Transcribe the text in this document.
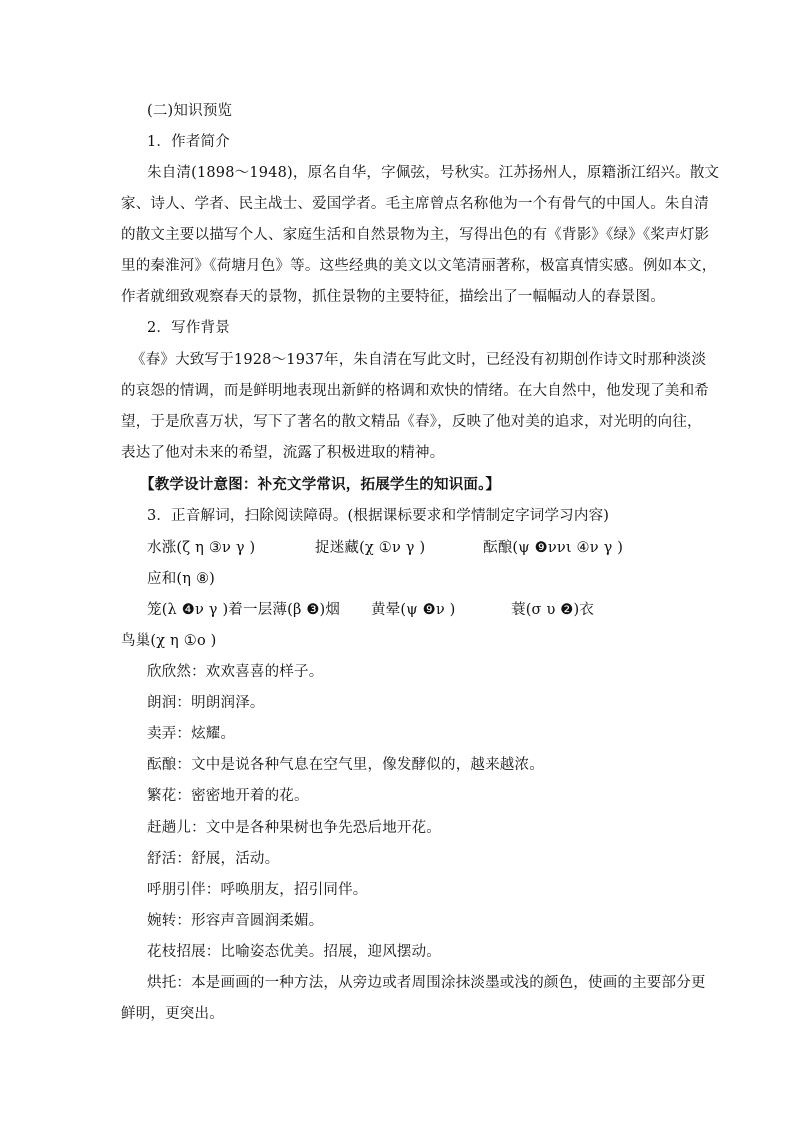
(二)知识预览
1．作者简介
朱自清(1898～1948)，原名自华，字佩弦，号秋实。江苏扬州人，原籍浙江绍兴。散文
家、诗人、学者、民主战士、爱国学者。毛主席曾点名称他为一个有骨气的中国人。朱自清
的散文主要以描写个人、家庭生活和自然景物为主，写得出色的有《背影》《绿》《桨声灯影
里的秦淮河》《荷塘月色》等。这些经典的美文以文笔清丽著称，极富真情实感。例如本文，
作者就细致观察春天的景物，抓住景物的主要特征，描绘出了一幅幅动人的春景图。
2．写作背景
《春》大致写于1928～1937年，朱自清在写此文时，已经没有初期创作诗文时那种淡淡
的哀怨的情调，而是鲜明地表现出新鲜的格调和欢快的情绪。在大自然中，他发现了美和希
望，于是欣喜万状，写下了著名的散文精品《春》，反映了他对美的追求，对光明的向往，
表达了他对未来的希望，流露了积极进取的精神。
【教学设计意图：补充文学常识，拓展学生的知识面。】
3．正音解词，扫除阅读障碍。(根据课标要求和学情制定字词学习内容)
水涨(ζ η ③ν γ )	捉迷藏(χ ①ν γ )	酝酿(ψ ❾ννι ④ν γ )
应和(η ⑧)
笼(λ ❹ν γ )着一层薄(β ❸)烟 黄晕(ψ ❾ν )	蓑(σ υ ❷)衣
鸟巢(χ η ①ο )
欣欣然：欢欢喜喜的样子。
朗润：明朗润泽。
卖弄：炫耀。
酝酿：文中是说各种气息在空气里，像发酵似的，越来越浓。
繁花：密密地开着的花。
赶趟儿：文中是各种果树也争先恐后地开花。
舒活：舒展，活动。
呼朋引伴：呼唤朋友，招引同伴。
婉转：形容声音圆润柔媚。
花枝招展：比喻姿态优美。招展，迎风摆动。
烘托：本是画画的一种方法，从旁边或者周围涂抹淡墨或浅的颜色，使画的主要部分更
鲜明，更突出。
